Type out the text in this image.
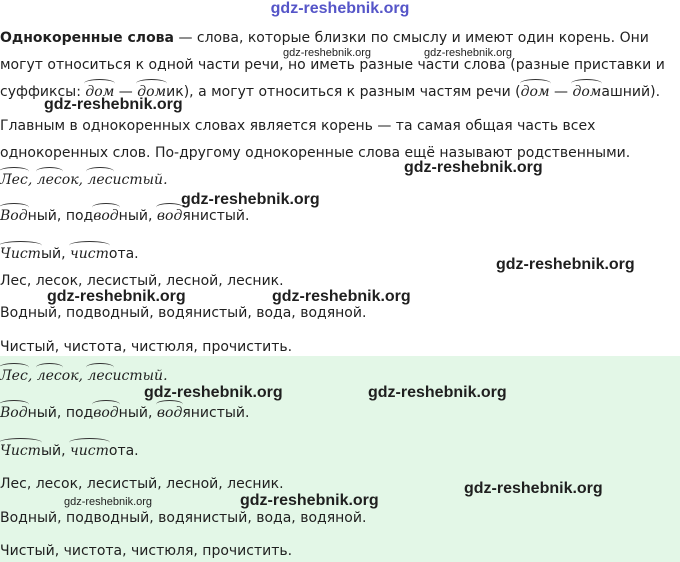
gdz-reshebnik.org
Однокоренные слова — слова, которые близки по смыслу и имеют один корень. Они
могут относиться к одной части речи, но иметь разные части слова (разные приставки и
суффиксы: дом — домик), а могут относиться к разным частям речи (дом — домашний).
Главным в однокоренных словах является корень — та самая общая часть всех
однокоренных слов. По-другому однокоренные слова ещё называют родственными.
Лес, лесок, лесистый.
Водный, подводный, водянистый.
Чистый, чистота.
Лес, лесок, лесистый, лесной, лесник.
Водный, подводный, водянистый, вода, водяной.
Чистый, чистота, чистюля, прочистить.
Лес, лесок, лесистый.
Водный, подводный, водянистый.
Чистый, чистота.
Лес, лесок, лесистый, лесной, лесник.
Водный, подводный, водянистый, вода, водяной.
Чистый, чистота, чистюля, прочистить.
gdz-reshebnik.org	gdz-reshebnik.org
gdz-reshebnik.org
gdz-reshebnik.org
gdz-reshebnik.org
gdz-reshebnik.org
gdz-reshebnik.org	gdz-reshebnik.org
gdz-reshebnik.org	gdz-reshebnik.org
gdz-reshebnik.org
gdz-reshebnik.org	gdz-reshebnik.org
